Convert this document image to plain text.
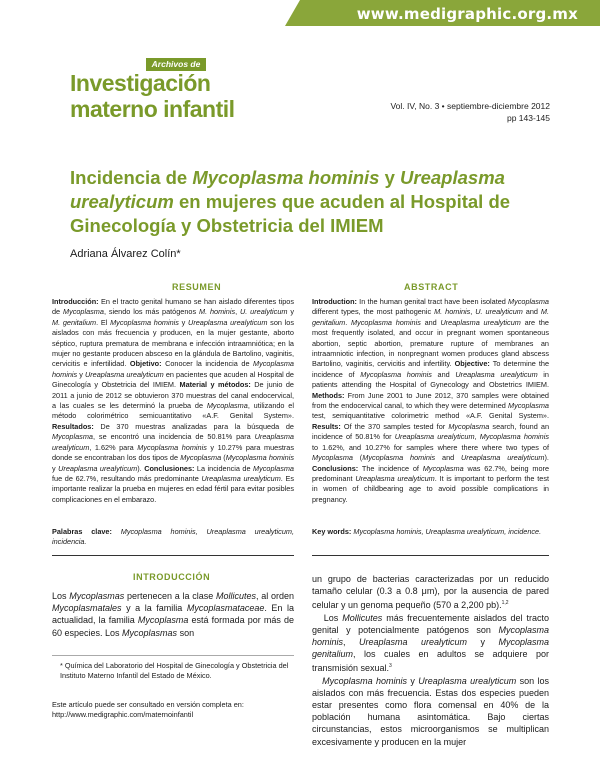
www.medigraphic.org.mx
Archivos de
Investigación
materno infantil	Vol. IV, No. 3 • septiembre-diciembre 2012
pp 143-145
Incidencia de Mycoplasma hominis y Ureaplasma urealyticum en mujeres que acuden al Hospital de Ginecología y Obstetricia del IMIEM
Adriana Álvarez Colín*
RESUMEN
Introducción: En el tracto genital humano se han aislado diferentes tipos de Mycoplasma, siendo los más patógenos M. hominis, U. urealyticum y M. genitalium. El Mycoplasma hominis y Ureaplasma urealyticum son los aislados con más frecuencia y producen, en la mujer gestante, aborto séptico, ruptura prematura de membrana e infección intraamniótica; en la mujer no gestante producen absceso en la glándula de Bartolino, vaginitis, cervicitis e infertilidad. Objetivo: Conocer la incidencia de Mycoplasma hominis y Ureaplasma urealyticum en pacientes que acuden al Hospital de Ginecología y Obstetricia del IMIEM. Material y métodos: De junio de 2011 a junio de 2012 se obtuvieron 370 muestras del canal endocervical, a las cuales se les determinó la prueba de Mycoplasma, utilizando el método colorimétrico semicuantitativo «A.F. Genital System». Resultados: De 370 muestras analizadas para la búsqueda de Mycoplasma, se encontró una incidencia de 50.81% para Ureaplasma urealyticum, 1.62% para Mycoplasma hominis y 10.27% para muestras donde se encontraban los dos tipos de Mycoplasma (Mycoplasma hominis y Ureaplasma urealyticum). Conclusiones: La incidencia de Mycoplasma fue de 62.7%, resultando más predominante Ureaplasma urealyticum. Es importante realizar la prueba en mujeres en edad fértil para evitar posibles complicaciones en el embarazo.
Palabras clave: Mycoplasma hominis, Ureaplasma urealyticum, incidencia.
ABSTRACT
Introduction: In the human genital tract have been isolated Mycoplasma different types, the most pathogenic M. hominis, U. urealyticum and M. genitalium. Mycoplasma hominis and Ureaplasma urealyticum are the most frequently isolated, and occur in pregnant women spontaneous abortion, septic abortion, premature rupture of membranes an intraamniotic infection, in nonpregnant women produces gland abscess Bartolino, vaginitis, cervicitis and infertility. Objective: To determine the incidence of Mycoplasma hominis and Ureaplasma urealyticum in patients attending the Hospital of Gynecology and Obstetrics IMIEM. Methods: From June 2001 to June 2012, 370 samples were obtained from the endocervical canal, to which they were determined Mycoplasma test, semiquantitative colorimetric method «A.F. Genital System». Results: Of the 370 samples tested for Mycoplasma search, found an incidence of 50.81% for Ureaplasma urealyticum, Mycoplasma hominis to 1.62%, and 10.27% for samples where there where two types of Mycoplasma (Mycoplasma hominis and Ureaplasma urealyticum). Conclusions: The incidence of Mycoplasma was 62.7%, being more predominant Ureaplasma urealyticum. It is important to perform the test in women of childbearing age to avoid possible complications in pregnancy.
Key words: Mycoplasma hominis, Ureaplasma urealyticum, incidence.
INTRODUCCIÓN
Los Mycoplasmas pertenecen a la clase Mollicutes, al orden Mycoplasmatales y a la familia Mycoplasmataceae. En la actualidad, la familia Mycoplasma está formada por más de 60 especies. Los Mycoplasmas son
* Química del Laboratorio del Hospital de Ginecología y Obstetricia del Instituto Materno Infantil del Estado de México.
Este artículo puede ser consultado en versión completa en:
http://www.medigraphic.com/maternoinfantil
un grupo de bacterias caracterizadas por un reducido tamaño celular (0.3 a 0.8 μm), por la ausencia de pared celular y un genoma pequeño (570 a 2,200 pb).$^{1,2}$
Los Mollicutes más frecuentemente aislados del tracto genital y potencialmente patógenos son Mycoplasma hominis, Ureaplasma urealyticum y Mycoplasma genitalium, los cuales en adultos se adquiere por transmisión sexual.$^3$
Mycoplasma hominis y Ureaplasma urealyticum son los aislados con más frecuencia. Estas dos especies pueden estar presentes como flora comensal en 40% de la población humana asintomática. Bajo ciertas circunstancias, estos microorganismos se multiplican excesivamente y producen en la mujer
